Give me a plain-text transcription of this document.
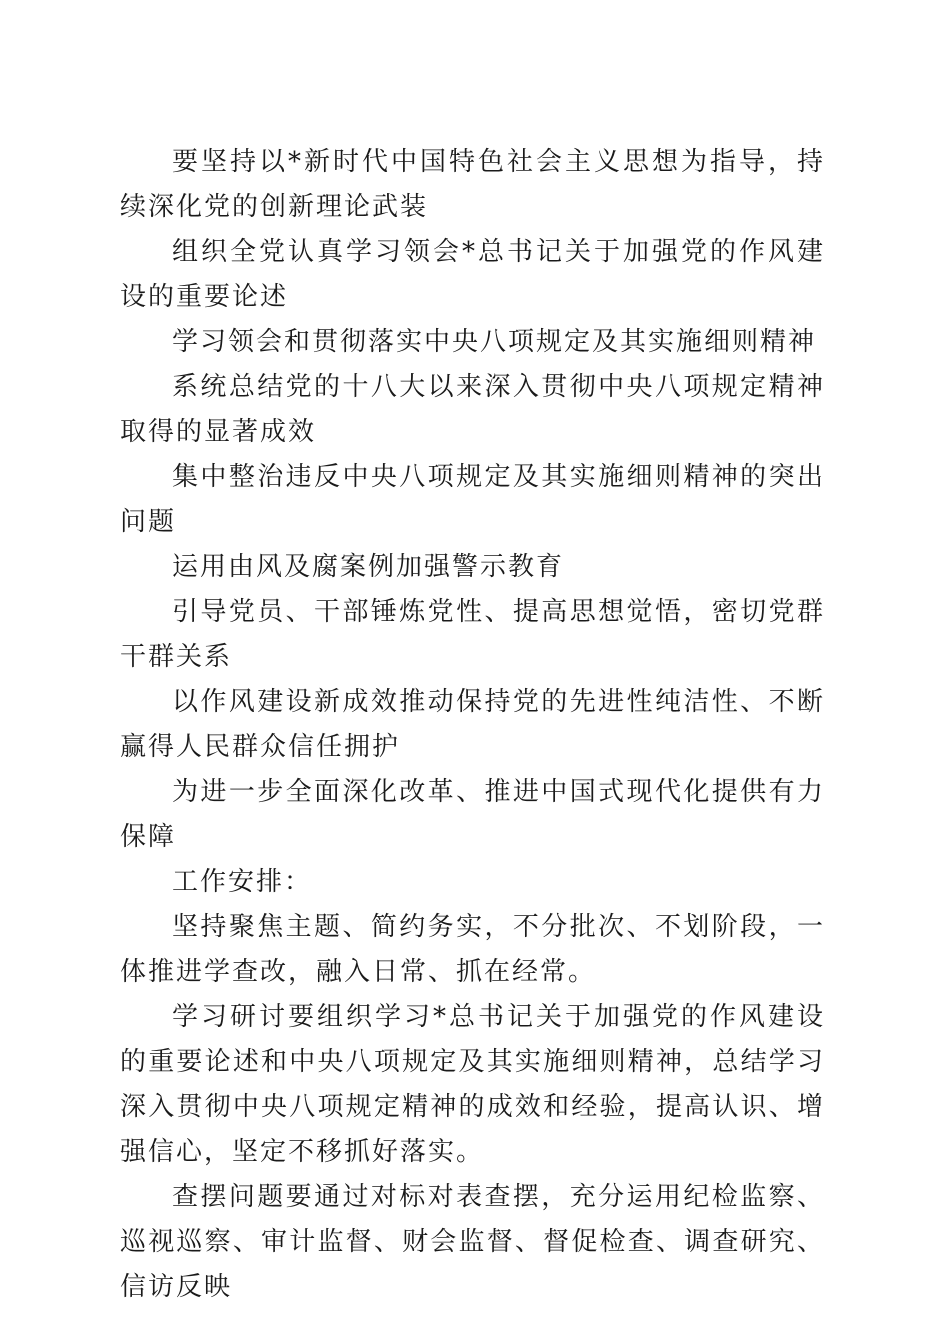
要坚持以*新时代中国特色社会主义思想为指导，持续深化党的创新理论武装

组织全党认真学习领会*总书记关于加强党的作风建设的重要论述

学习领会和贯彻落实中央八项规定及其实施细则精神

系统总结党的十八大以来深入贯彻中央八项规定精神取得的显著成效

集中整治违反中央八项规定及其实施细则精神的突出问题

运用由风及腐案例加强警示教育

引导党员、干部锤炼党性、提高思想觉悟，密切党群干群关系

以作风建设新成效推动保持党的先进性纯洁性、不断赢得人民群众信任拥护

为进一步全面深化改革、推进中国式现代化提供有力保障

工作安排：

坚持聚焦主题、简约务实，不分批次、不划阶段，一体推进学查改，融入日常、抓在经常。

学习研讨要组织学习*总书记关于加强党的作风建设的重要论述和中央八项规定及其实施细则精神，总结学习深入贯彻中央八项规定精神的成效和经验，提高认识、增强信心，坚定不移抓好落实。

查摆问题要通过对标对表查摆，充分运用纪检监察、巡视巡察、审计监督、财会监督、督促检查、调查研究、信访反映
